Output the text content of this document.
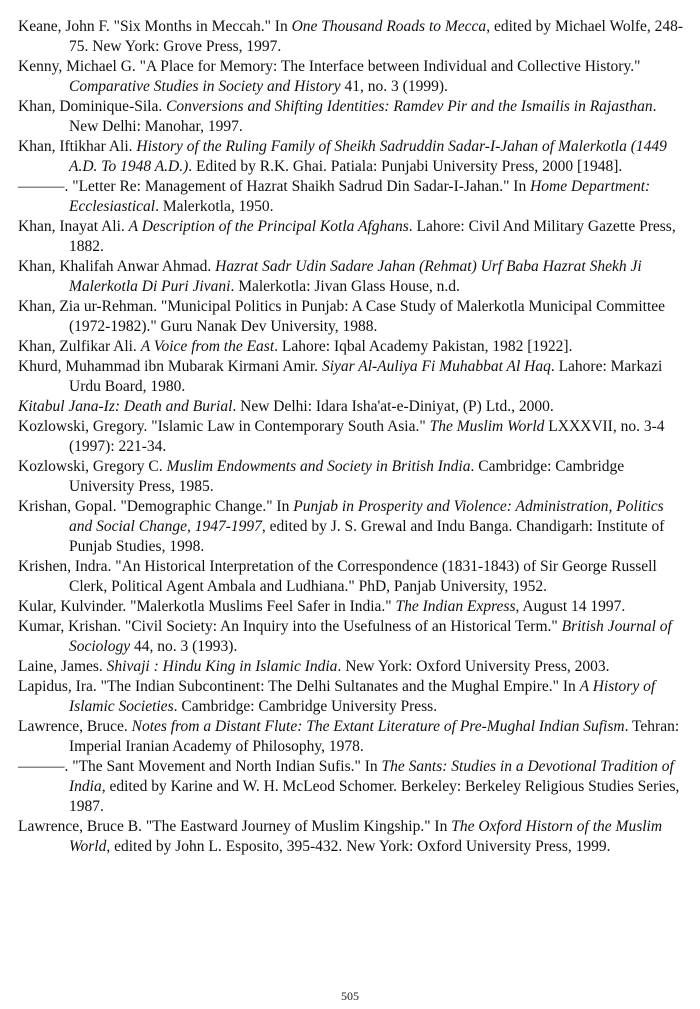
Keane, John F. "Six Months in Meccah." In One Thousand Roads to Mecca, edited by Michael Wolfe, 248-75. New York: Grove Press, 1997.

Kenny, Michael G. "A Place for Memory: The Interface between Individual and Collective History." Comparative Studies in Society and History 41, no. 3 (1999).

Khan, Dominique-Sila. Conversions and Shifting Identities: Ramdev Pir and the Ismailis in Rajasthan. New Delhi: Manohar, 1997.

Khan, Iftikhar Ali. History of the Ruling Family of Sheikh Sadruddin Sadar-I-Jahan of Malerkotla (1449 A.D. To 1948 A.D.). Edited by R.K. Ghai. Patiala: Punjabi University Press, 2000 [1948].

———. "Letter Re: Management of Hazrat Shaikh Sadrud Din Sadar-I-Jahan." In Home Department: Ecclesiastical. Malerkotla, 1950.

Khan, Inayat Ali. A Description of the Principal Kotla Afghans. Lahore: Civil And Military Gazette Press, 1882.

Khan, Khalifah Anwar Ahmad. Hazrat Sadr Udin Sadare Jahan (Rehmat) Urf Baba Hazrat Shekh Ji Malerkotla Di Puri Jivani. Malerkotla: Jivan Glass House, n.d.

Khan, Zia ur-Rehman. "Municipal Politics in Punjab: A Case Study of Malerkotla Municipal Committee (1972-1982)." Guru Nanak Dev University, 1988.

Khan, Zulfikar Ali. A Voice from the East. Lahore: Iqbal Academy Pakistan, 1982 [1922].

Khurd, Muhammad ibn Mubarak Kirmani Amir. Siyar Al-Auliya Fi Muhabbat Al Haq. Lahore: Markazi Urdu Board, 1980.

Kitabul Jana-Iz: Death and Burial. New Delhi: Idara Isha'at-e-Diniyat, (P) Ltd., 2000.

Kozlowski, Gregory. "Islamic Law in Contemporary South Asia." The Muslim World LXXXVII, no. 3-4 (1997): 221-34.

Kozlowski, Gregory C. Muslim Endowments and Society in British India. Cambridge: Cambridge University Press, 1985.

Krishan, Gopal. "Demographic Change." In Punjab in Prosperity and Violence: Administration, Politics and Social Change, 1947-1997, edited by J. S. Grewal and Indu Banga. Chandigarh: Institute of Punjab Studies, 1998.

Krishen, Indra. "An Historical Interpretation of the Correspondence (1831-1843) of Sir George Russell Clerk, Political Agent Ambala and Ludhiana." PhD, Panjab University, 1952.

Kular, Kulvinder. "Malerkotla Muslims Feel Safer in India." The Indian Express, August 14 1997.

Kumar, Krishan. "Civil Society: An Inquiry into the Usefulness of an Historical Term." British Journal of Sociology 44, no. 3 (1993).

Laine, James. Shivaji : Hindu King in Islamic India. New York: Oxford University Press, 2003.

Lapidus, Ira. "The Indian Subcontinent: The Delhi Sultanates and the Mughal Empire." In A History of Islamic Societies. Cambridge: Cambridge University Press.

Lawrence, Bruce. Notes from a Distant Flute: The Extant Literature of Pre-Mughal Indian Sufism. Tehran: Imperial Iranian Academy of Philosophy, 1978.

———. "The Sant Movement and North Indian Sufis." In The Sants: Studies in a Devotional Tradition of India, edited by Karine and W. H. McLeod Schomer. Berkeley: Berkeley Religious Studies Series, 1987.

Lawrence, Bruce B. "The Eastward Journey of Muslim Kingship." In The Oxford Historn of the Muslim World, edited by John L. Esposito, 395-432. New York: Oxford University Press, 1999.

505
